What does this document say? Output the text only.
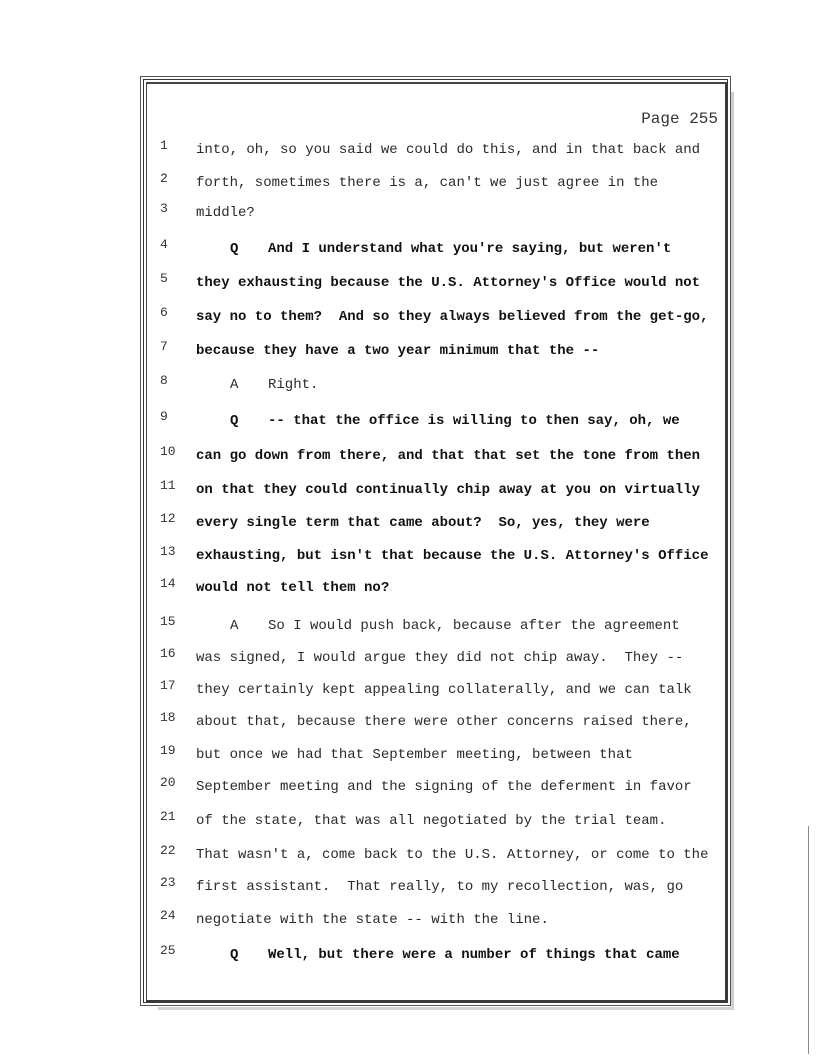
Page 255
1	into, oh, so you said we could do this, and in that back and
2	forth, sometimes there is a, can't we just agree in the
3	middle?
4	Q And I understand what you're saying, but weren't
5	they exhausting because the U.S. Attorney's Office would not
6	say no to them?  And so they always believed from the get-go,
7	because they have a two year minimum that the --
8	A Right.
9	Q -- that the office is willing to then say, oh, we
10	can go down from there, and that that set the tone from then
11	on that they could continually chip away at you on virtually
12	every single term that came about?  So, yes, they were
13	exhausting, but isn't that because the U.S. Attorney's Office
14	would not tell them no?
15	A So I would push back, because after the agreement
16	was signed, I would argue they did not chip away.  They --
17	they certainly kept appealing collaterally, and we can talk
18	about that, because there were other concerns raised there,
19	but once we had that September meeting, between that
20	September meeting and the signing of the deferment in favor
21	of the state, that was all negotiated by the trial team.
22	That wasn't a, come back to the U.S. Attorney, or come to the
23	first assistant.  That really, to my recollection, was, go
24	negotiate with the state -- with the line.
25	Q Well, but there were a number of things that came
